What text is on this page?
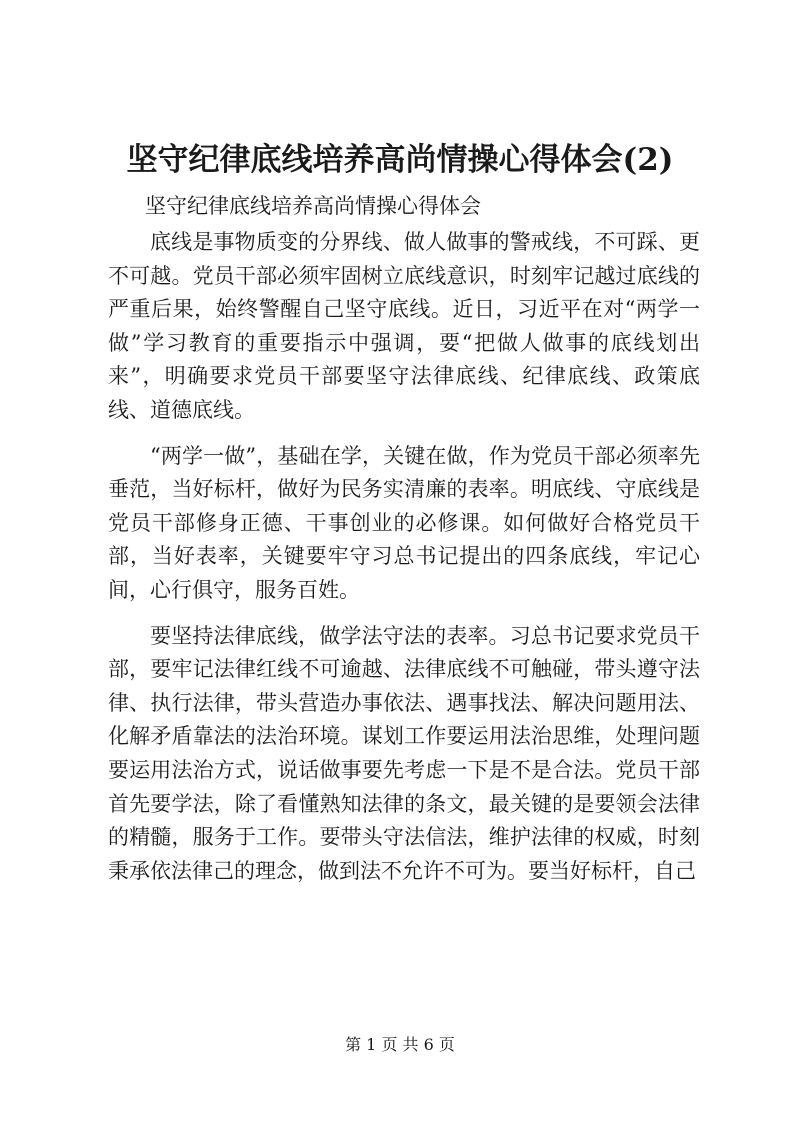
坚守纪律底线培养高尚情操心得体会(2)
坚守纪律底线培养高尚情操心得体会

底线是事物质变的分界线、做人做事的警戒线，不可踩、更不可越。党员干部必须牢固树立底线意识，时刻牢记越过底线的严重后果，始终警醒自己坚守底线。近日，习近平在对“两学一做”学习教育的重要指示中强调，要“把做人做事的底线划出来”，明确要求党员干部要坚守法律底线、纪律底线、政策底线、道德底线。

“两学一做”，基础在学，关键在做，作为党员干部必须率先垂范，当好标杆，做好为民务实清廉的表率。明底线、守底线是党员干部修身正德、干事创业的必修课。如何做好合格党员干部，当好表率，关键要牢守习总书记提出的四条底线，牢记心间，心行俱守，服务百姓。

要坚持法律底线，做学法守法的表率。习总书记要求党员干部，要牢记法律红线不可逾越、法律底线不可触碰，带头遵守法律、执行法律，带头营造办事依法、遇事找法、解决问题用法、化解矛盾靠法的法治环境。谋划工作要运用法治思维，处理问题要运用法治方式，说话做事要先考虑一下是不是合法。党员干部首先要学法，除了看懂熟知法律的条文，最关键的是要领会法律的精髓，服务于工作。要带头守法信法，维护法律的权威，时刻秉承依法律己的理念，做到法不允许不可为。要当好标杆，自己

第 1 页 共 6 页
